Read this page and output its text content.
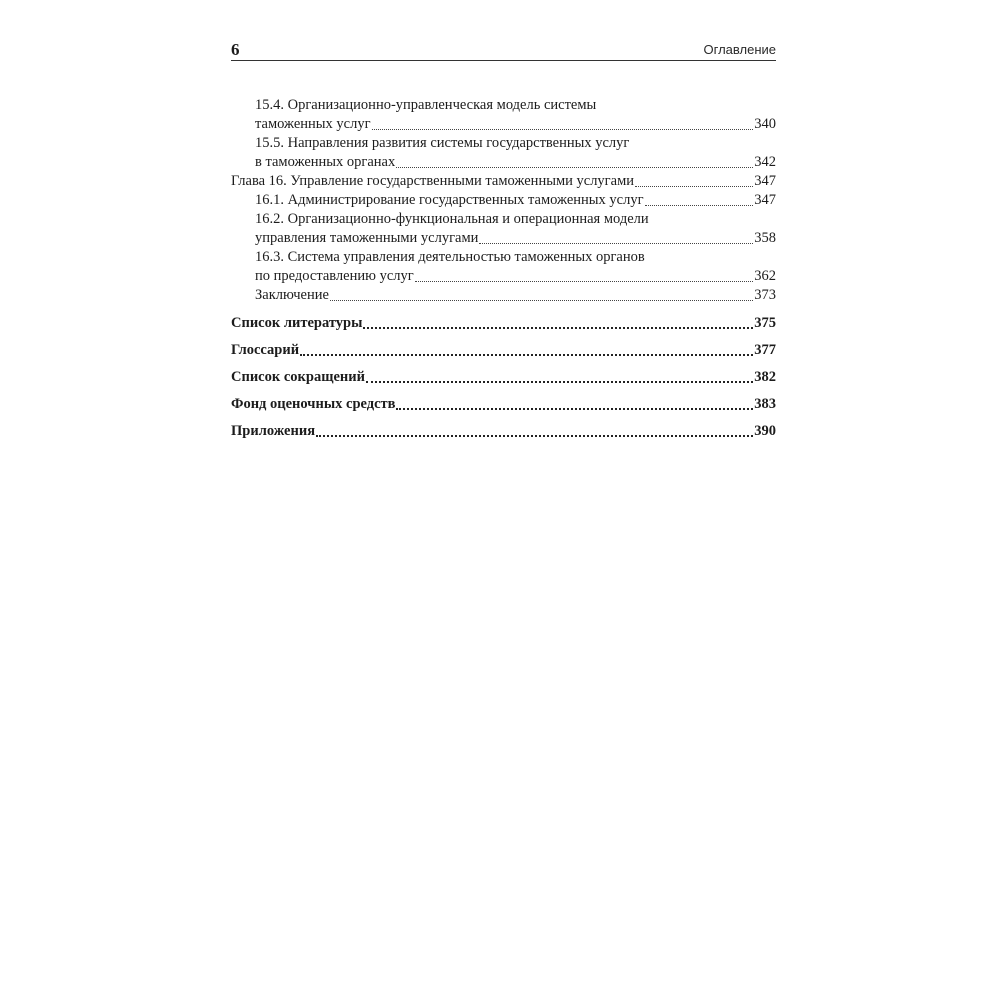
6	Оглавление
15.4. Организационно-управленческая модель системы
таможенных услуг	340
15.5. Направления развития системы государственных услуг
в таможенных органах	342
Глава 16. Управление государственными таможенными услугами	347
16.1. Администрирование государственных таможенных услуг	347
16.2. Организационно-функциональная и операционная модели
управления таможенными услугами	358
16.3. Система управления деятельностью таможенных органов
по предоставлению услуг	362
Заключение	373
Список литературы	375
Глоссарий	377
Список сокращений	382
Фонд оценочных средств	383
Приложения	390
